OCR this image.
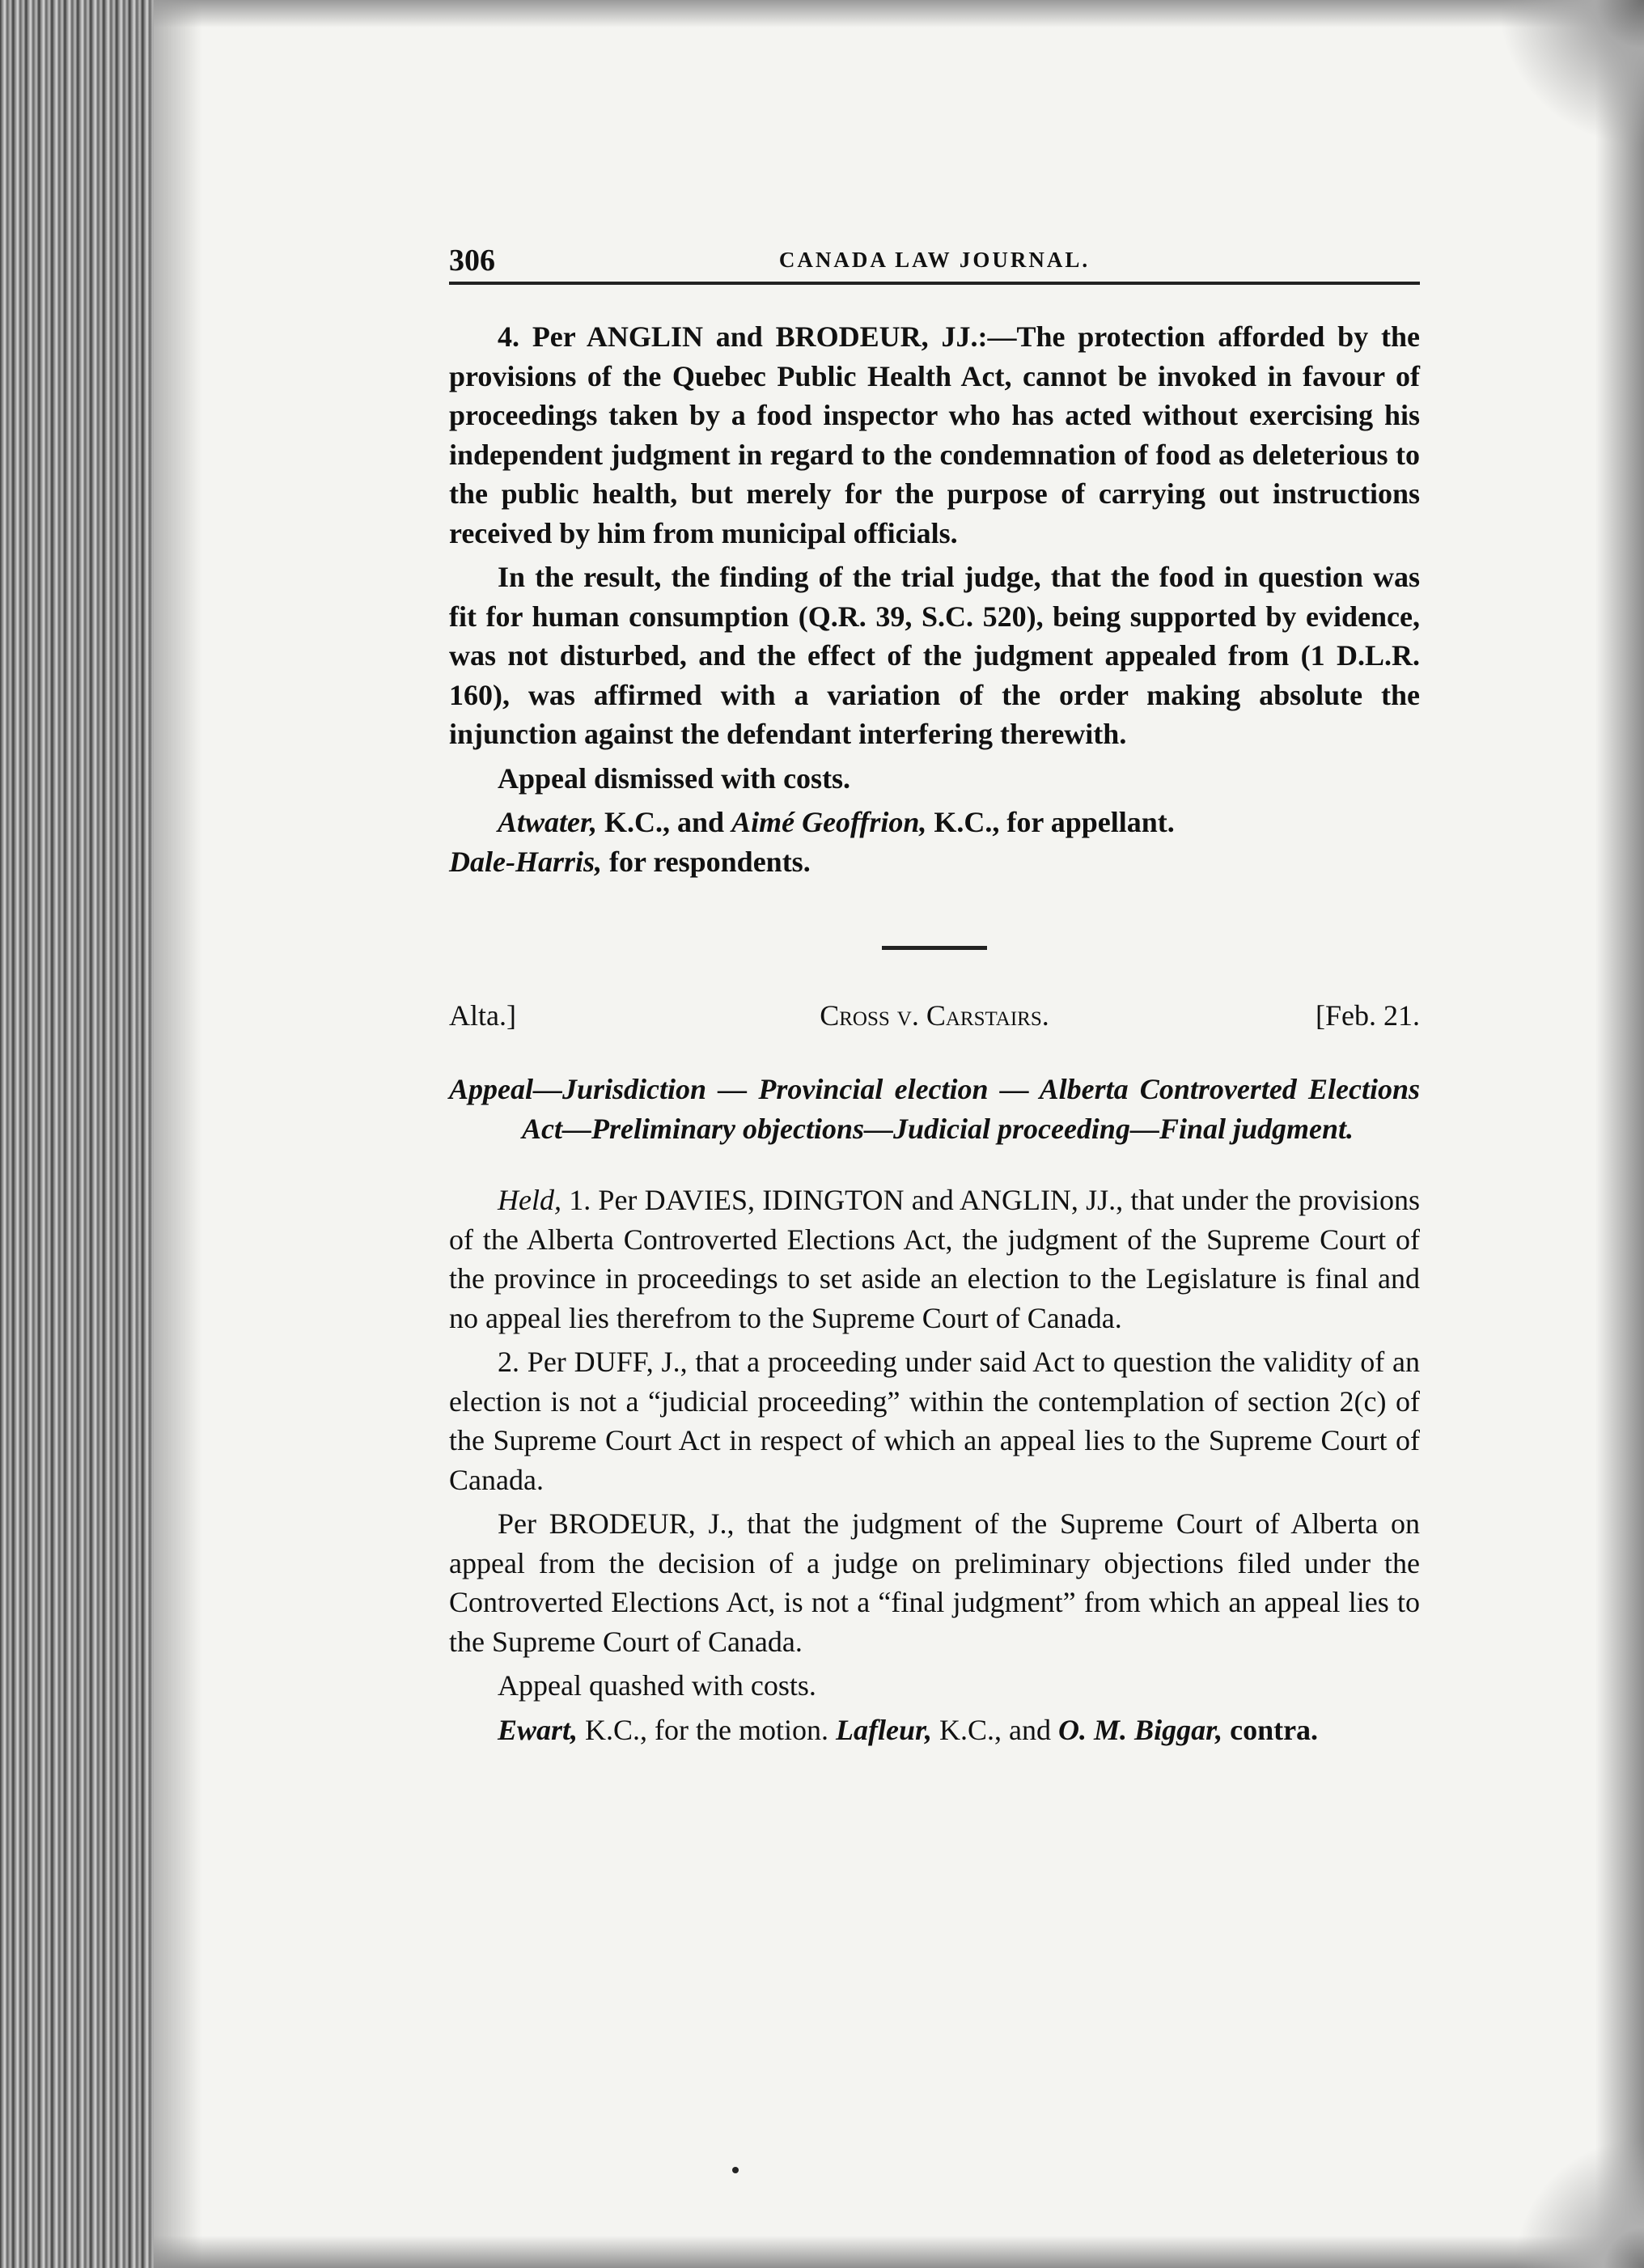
306	CANADA LAW JOURNAL.

4. Per ANGLIN and BRODEUR, JJ.:—The protection afforded by the provisions of the Quebec Public Health Act, cannot be invoked in favour of proceedings taken by a food inspector who has acted without exercising his independent judgment in regard to the condemnation of food as deleterious to the public health, but merely for the purpose of carrying out instructions received by him from municipal officials.

In the result, the finding of the trial judge, that the food in question was fit for human consumption (Q.R. 39, S.C. 520), being supported by evidence, was not disturbed, and the effect of the judgment appealed from (1 D.L.R. 160), was affirmed with a variation of the order making absolute the injunction against the defendant interfering therewith.

Appeal dismissed with costs.

Atwater, K.C., and Aimé Geoffrion, K.C., for appellant.

Dale-Harris, for respondents.

Alta.]	Cross v. Carstairs.	[Feb. 21.
Appeal—Jurisdiction — Provincial election — Alberta Controverted Elections Act—Preliminary objections—Judicial proceeding—Final judgment.

Held, 1. Per DAVIES, IDINGTON and ANGLIN, JJ., that under the provisions of the Alberta Controverted Elections Act, the judgment of the Supreme Court of the province in proceedings to set aside an election to the Legislature is final and no appeal lies therefrom to the Supreme Court of Canada.

2. Per DUFF, J., that a proceeding under said Act to question the validity of an election is not a “judicial proceeding” within the contemplation of section 2(c) of the Supreme Court Act in respect of which an appeal lies to the Supreme Court of Canada.

Per BRODEUR, J., that the judgment of the Supreme Court of Alberta on appeal from the decision of a judge on preliminary objections filed under the Controverted Elections Act, is not a “final judgment” from which an appeal lies to the Supreme Court of Canada.

Appeal quashed with costs.

Ewart, K.C., for the motion. Lafleur, K.C., and O. M. Biggar, contra.
